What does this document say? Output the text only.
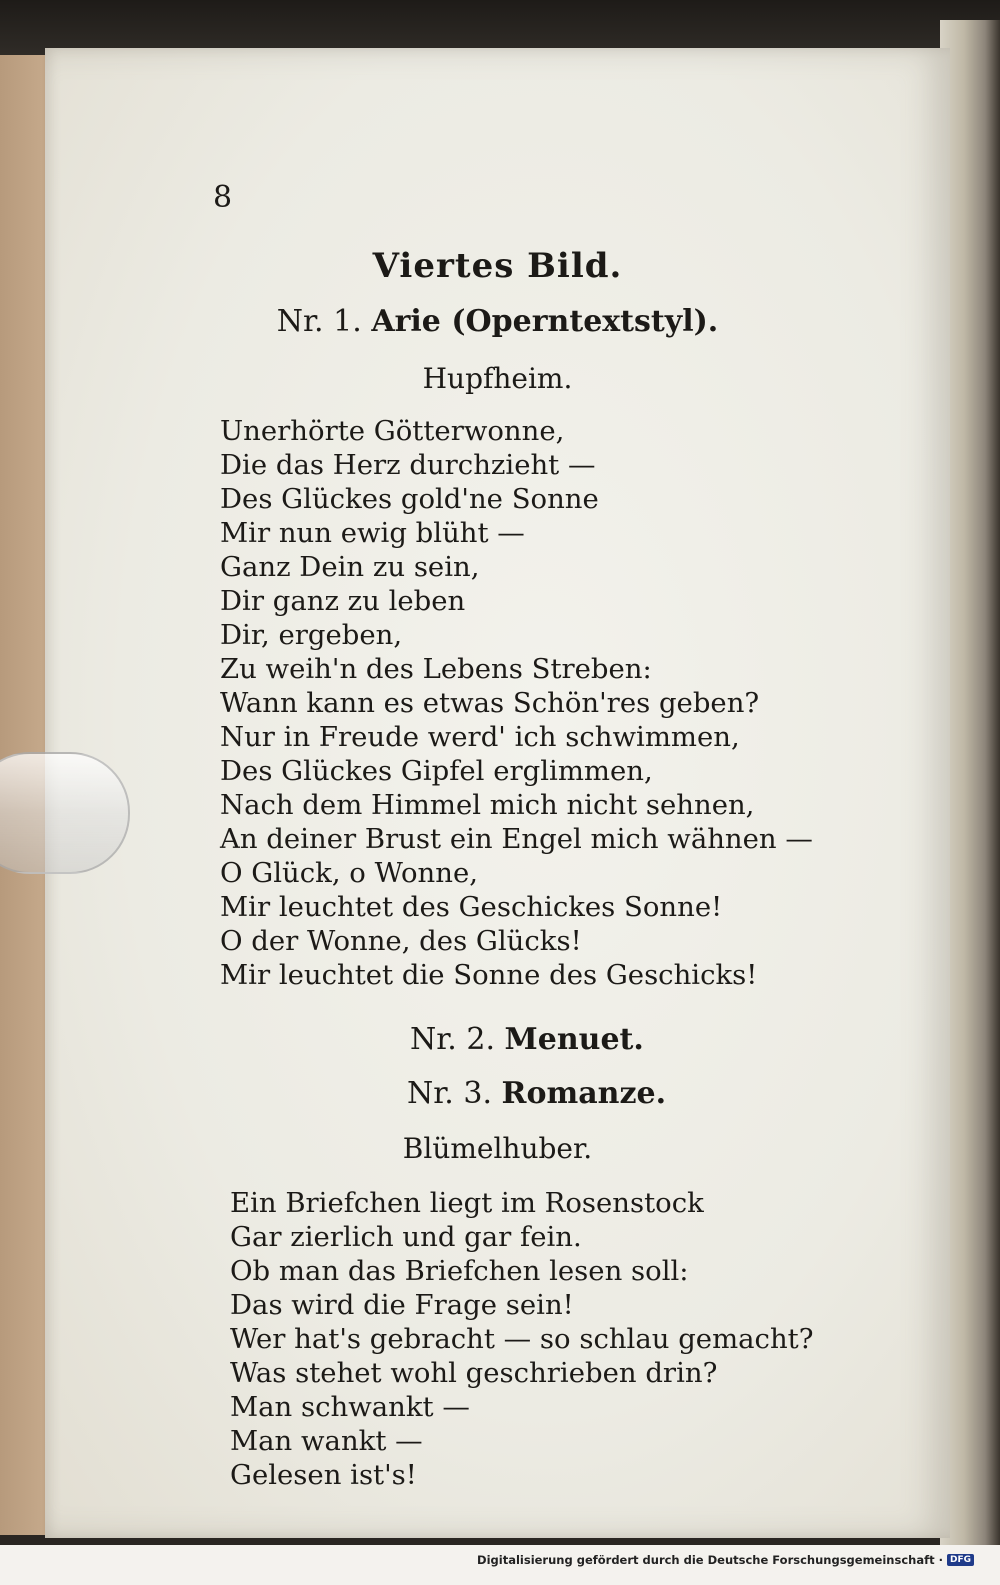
8
Viertes Bild.
Nr. 1. Arie (Operntextstyl).
Hupfheim.
Unerhörte Götterwonne,
Die das Herz durchzieht —
Des Glückes gold'ne Sonne
Mir nun ewig blüht —
Ganz Dein zu sein,
Dir ganz zu leben
Dir, ergeben,
Zu weih'n des Lebens Streben:
Wann kann es etwas Schön'res geben?
Nur in Freude werd' ich schwimmen,
Des Glückes Gipfel erglimmen,
Nach dem Himmel mich nicht sehnen,
An deiner Brust ein Engel mich wähnen —
O Glück, o Wonne,
Mir leuchtet des Geschickes Sonne!
O der Wonne, des Glücks!
Mir leuchtet die Sonne des Geschicks!
Nr. 2. Menuet.
Nr. 3. Romanze.
Blümelhuber.
Ein Briefchen liegt im Rosenstock
Gar zierlich und gar fein.
Ob man das Briefchen lesen soll:
Das wird die Frage sein!
Wer hat's gebracht — so schlau gemacht?
Was stehet wohl geschrieben drin?
Man schwankt —
Man wankt —
Gelesen ist's!
Digitalisierung gefördert durch die Deutsche Forschungsgemeinschaft · DFG
